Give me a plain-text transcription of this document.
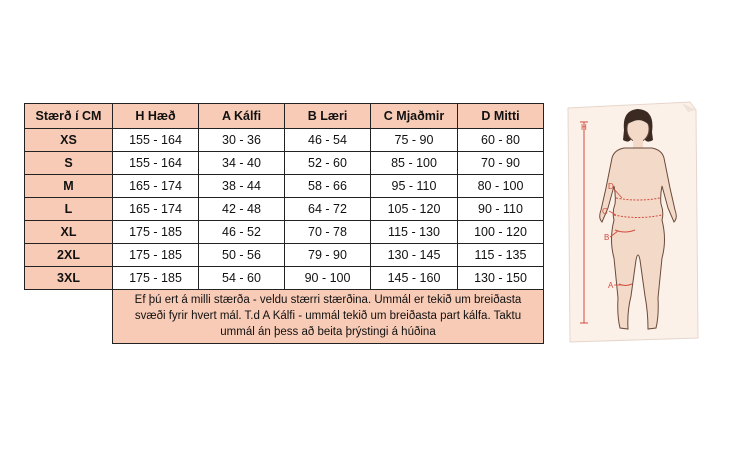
Stærð í CM	H Hæð	A Kálfi	B Læri	C Mjaðmir	D Mitti
XS	155 - 164	30 - 36	46 - 54	75 - 90	60 - 80
S	155 - 164	34 - 40	52 - 60	85 - 100	70 - 90
M	165 - 174	38 - 44	58 - 66	95 - 110	80 - 100
L	165 - 174	42 - 48	64 - 72	105 - 120	90 - 110
XL	175 - 185	46 - 52	70 - 78	115 - 130	100 - 120
2XL	175 - 185	50 - 56	79 - 90	130 - 145	115 - 135
3XL	175 - 185	54 - 60	90 - 100	145 - 160	130 - 150
	Ef þú ert á milli stærða - veldu stærri stærðina. Ummál er tekið um breiðasta svæði fyrir hvert mál. T.d A Kálfi - ummál tekið um breiðasta part kálfa. Taktu ummál án þess að beita þrýstingi á húðina				
H
D
C
B
A
